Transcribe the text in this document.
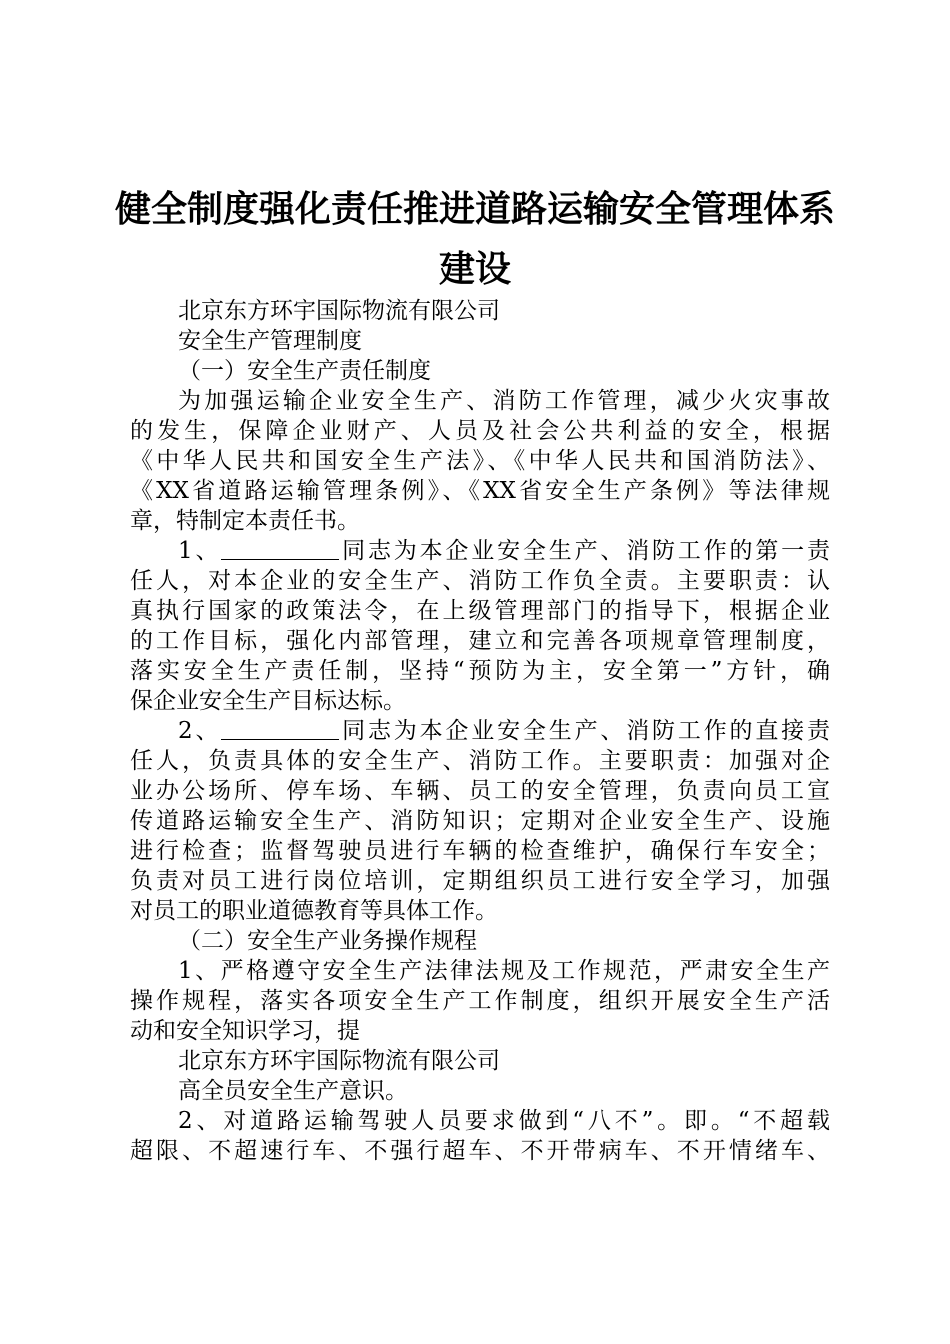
健全制度强化责任推进道路运输安全管理体系
建设
北京东方环宇国际物流有限公司
安全生产管理制度
（一）安全生产责任制度
为加强运输企业安全生产、消防工作管理，减少火灾事故
的发生，保障企业财产、人员及社会公共利益的安全，根据
《中华人民共和国安全生产法》、《中华人民共和国消防法》、
《XX省道路运输管理条例》、《XX省安全生产条例》等法律规
章，特制定本责任书。
1、	同志为本企业安全生产、消防工作的第一责
任人，对本企业的安全生产、消防工作负全责。主要职责：认
真执行国家的政策法令，在上级管理部门的指导下，根据企业
的工作目标，强化内部管理，建立和完善各项规章管理制度，
落实安全生产责任制，坚持“预防为主，安全第一”方针，确
保企业安全生产目标达标。
2、	同志为本企业安全生产、消防工作的直接责
任人，负责具体的安全生产、消防工作。主要职责：加强对企
业办公场所、停车场、车辆、员工的安全管理，负责向员工宣
传道路运输安全生产、消防知识；定期对企业安全生产、设施
进行检查；监督驾驶员进行车辆的检查维护，确保行车安全；
负责对员工进行岗位培训，定期组织员工进行安全学习，加强
对员工的职业道德教育等具体工作。
（二）安全生产业务操作规程
1、严格遵守安全生产法律法规及工作规范，严肃安全生产
操作规程，落实各项安全生产工作制度，组织开展安全生产活
动和安全知识学习，提
北京东方环宇国际物流有限公司
高全员安全生产意识。
2、对道路运输驾驶人员要求做到“八不”。即。“不超载
超限、不超速行车、不强行超车、不开带病车、不开情绪车、
